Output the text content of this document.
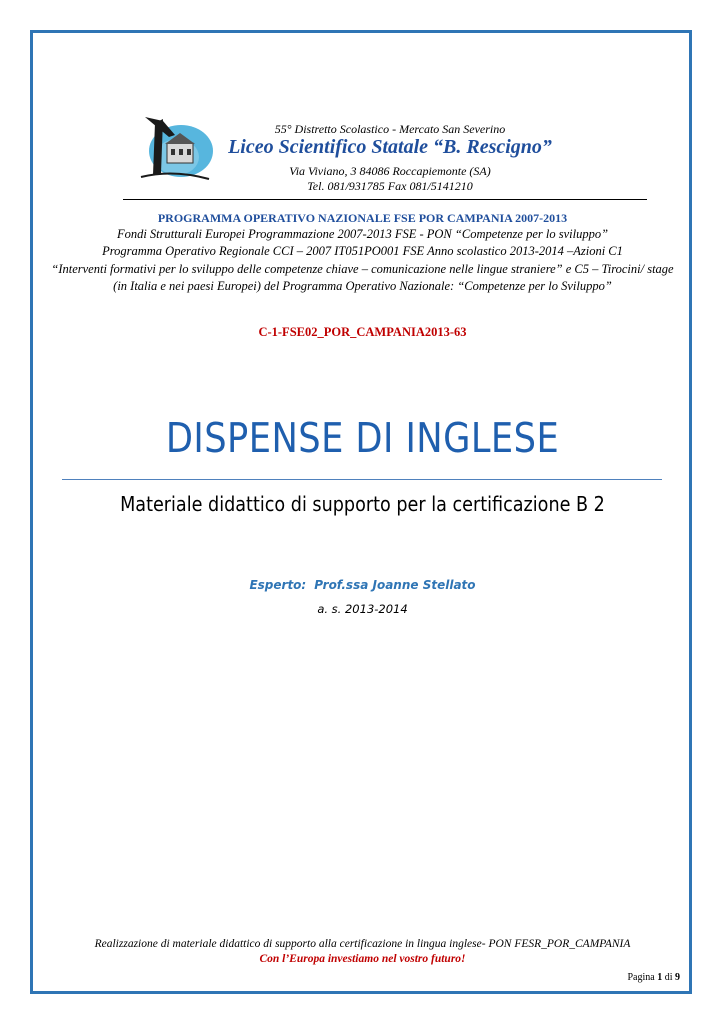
55° Distretto Scolastico - Mercato San Severino
Liceo Scientifico Statale “B. Rescigno”
Via Viviano, 3 84086 Roccapiemonte (SA)
Tel. 081/931785 Fax 081/5141210
PROGRAMMA OPERATIVO NAZIONALE FSE POR CAMPANIA 2007-2013
Fondi Strutturali Europei Programmazione 2007-2013 FSE - PON “Competenze per lo sviluppo”
Programma Operativo Regionale CCI – 2007 IT051PO001 FSE Anno scolastico 2013-2014 –Azioni C1
“Interventi formativi per lo sviluppo delle competenze chiave – comunicazione nelle lingue straniere” e C5 – Tirocini/ stage
(in Italia e nei paesi Europei) del Programma Operativo Nazionale: “Competenze per lo Sviluppo”
C-1-FSE02_POR_CAMPANIA2013-63
DISPENSE DI INGLESE
Materiale didattico di supporto per la certificazione B 2
Esperto: Prof.ssa Joanne Stellato
a. s. 2013-2014
Realizzazione di materiale didattico di supporto alla certificazione in lingua inglese- PON FESR_POR_CAMPANIA
Con l’Europa investiamo nel vostro futuro!
Pagina 1 di 9
